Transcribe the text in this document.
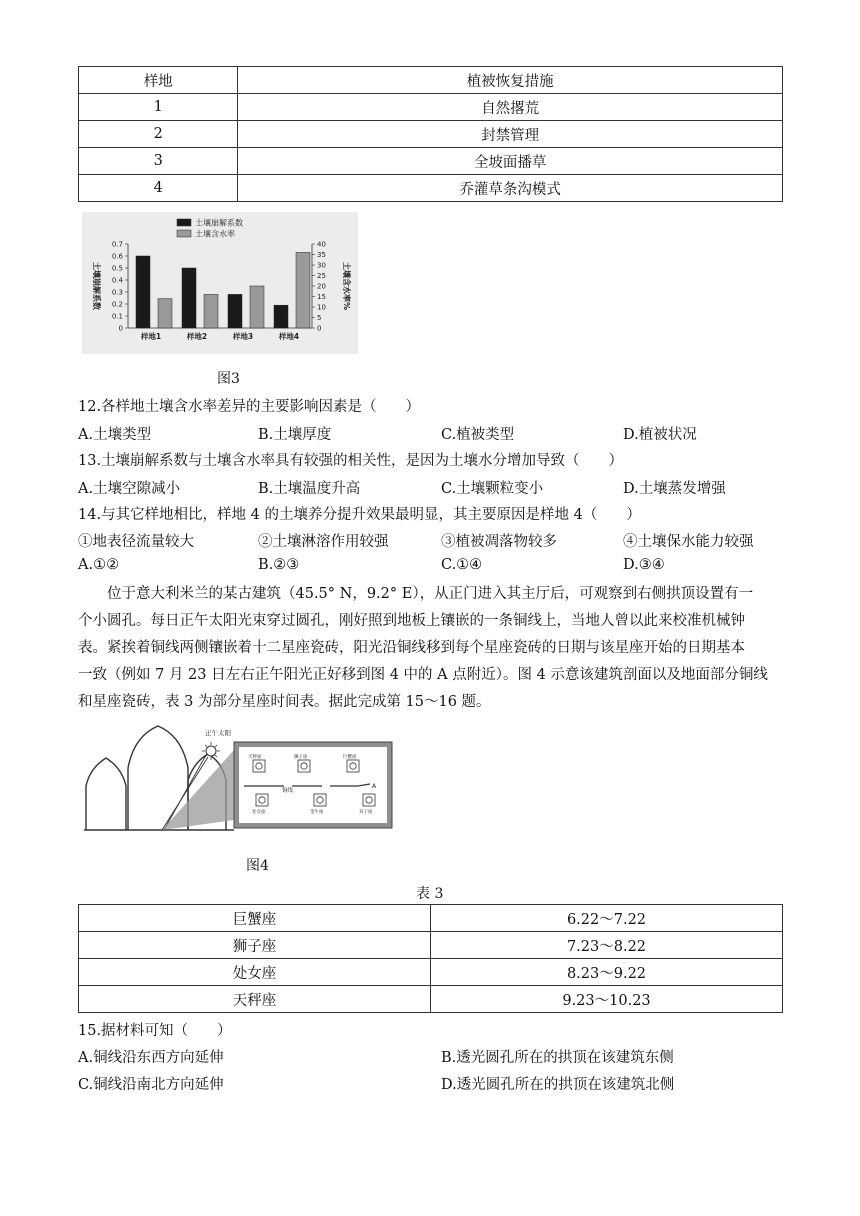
样地	植被恢复措施
1	自然撂荒
2	封禁管理
3	全坡面播草
4	乔灌草条沟模式
土壤崩解系数
土壤含水率
0
0.1
0.2
0.3
0.4
0.5
0.6
0.7
0
5
10
15
20
25
30
35
40
土壤崩解系数	土壤含水率%
样地1	样地2	样地3	样地4
图3
12.各样地土壤含水率差异的主要影响因素是（　　）
A.土壤类型	B.土壤厚度	C.植被类型	D.植被状况
13.土壤崩解系数与土壤含水率具有较强的相关性，是因为土壤水分增加导致（　　）
A.土壤空隙减小	B.土壤温度升高	C.土壤颗粒变小	D.土壤蒸发增强
14.与其它样地相比，样地 4 的土壤养分提升效果最明显，其主要原因是样地 4（　　）
①地表径流量较大	②土壤淋溶作用较强	③植被凋落物较多	④土壤保水能力较强
A.①②	B.②③	C.①④	D.③④
　　位于意大利米兰的某古建筑（45.5° N，9.2° E），从正门进入其主厅后，可观察到右侧拱顶设置有一
个小圆孔。每日正午太阳光束穿过圆孔，刚好照到地板上镶嵌的一条铜线上，当地人曾以此来校准机械钟
表。紧挨着铜线两侧镶嵌着十二星座瓷砖，阳光沿铜线移到每个星座瓷砖的日期与该星座开始的日期基本
一致（例如 7 月 23 日左右正午阳光正好移到图 4 中的 A 点附近）。图 4 示意该建筑剖面以及地面部分铜线
和星座瓷砖，表 3 为部分星座时间表。据此完成第 15～16 题。
正午太阳
铜线
A
天秤座	狮子座	巨蟹座
处女座	金牛座	双子座
图4
表 3
巨蟹座	6.22～7.22
狮子座	7.23～8.22
处女座	8.23～9.22
天秤座	9.23～10.23
15.据材料可知（　　）
A.铜线沿东西方向延伸	B.透光圆孔所在的拱顶在该建筑东侧
C.铜线沿南北方向延伸	D.透光圆孔所在的拱顶在该建筑北侧
